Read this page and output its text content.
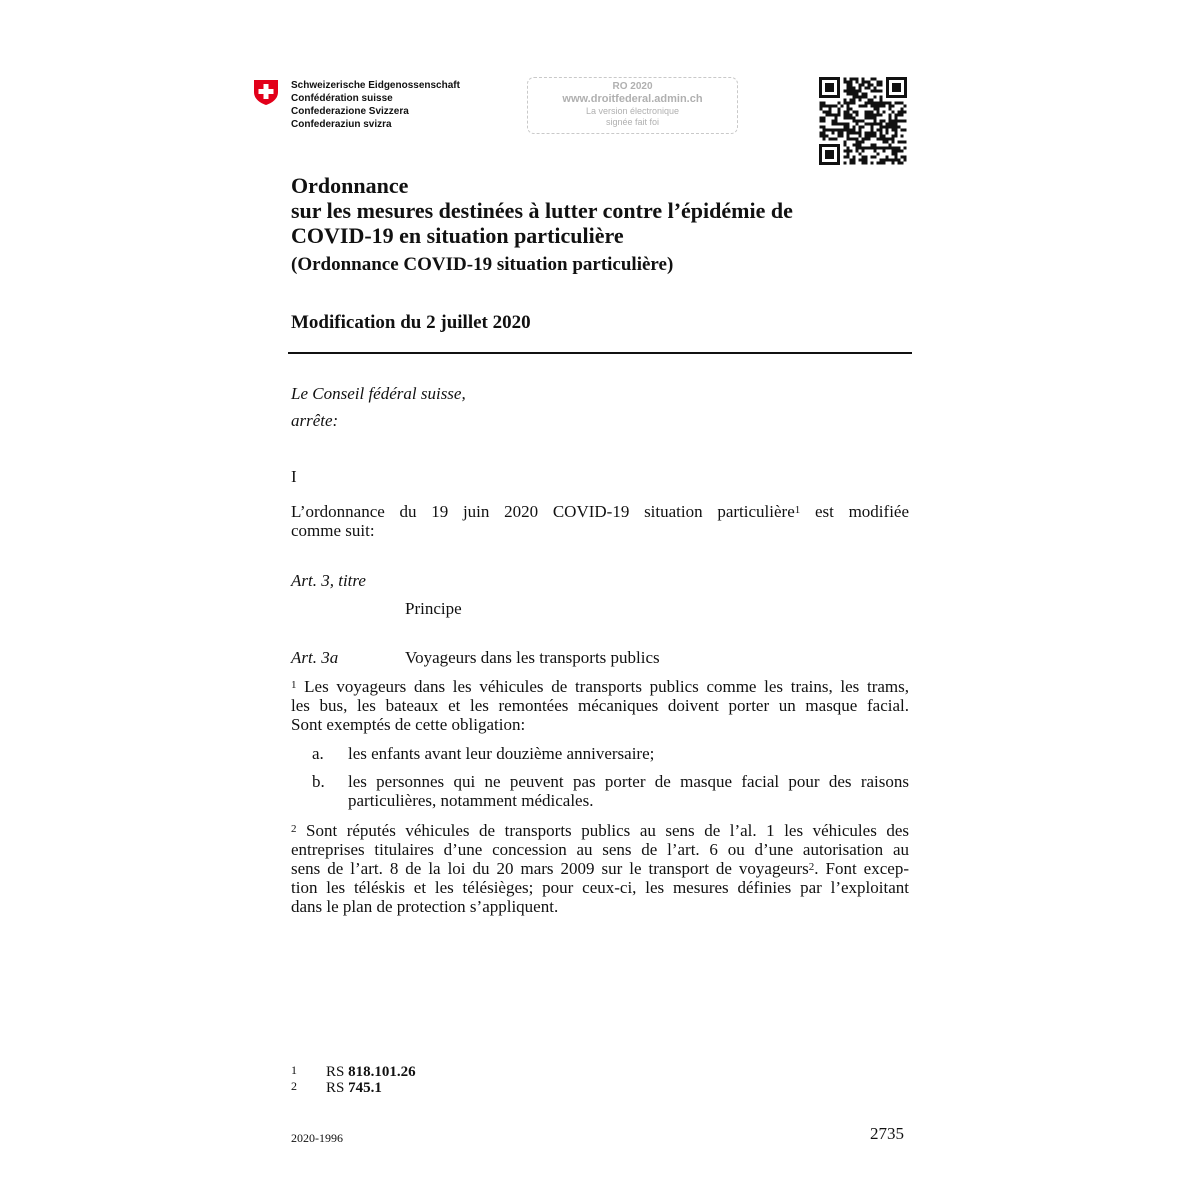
Schweizerische Eidgenossenschaft
Confédération suisse
Confederazione Svizzera
Confederaziun svizra
RO 2020
www.droitfederal.admin.ch
La version électronique
signée fait foi
Ordonnance
sur les mesures destinées à lutter contre l’épidémie de
COVID-19 en situation particulière
(Ordonnance COVID-19 situation particulière)
Modification du 2 juillet 2020
Le Conseil fédéral suisse,
arrête:
I
L’ordonnance du 19 juin 2020 COVID-19 situation particulière$^1$ est modifiée
comme suit:
Art. 3, titre
Principe
Art. 3a	Voyageurs dans les transports publics
$^1$ Les voyageurs dans les véhicules de transports publics comme les trains, les trams,
les bus, les bateaux et les remontées mécaniques doivent porter un masque facial.
Sont exemptés de cette obligation:
a. les enfants avant leur douzième anniversaire;
b. les personnes qui ne peuvent pas porter de masque facial pour des raisons
particulières, notamment médicales.
$^2$ Sont réputés véhicules de transports publics au sens de l’al. 1 les véhicules des
entreprises titulaires d’une concession au sens de l’art. 6 ou d’une autorisation au
sens de l’art. 8 de la loi du 20 mars 2009 sur le transport de voyageurs$^2$. Font excep-
tion les téléskis et les télésièges; pour ceux-ci, les mesures définies par l’exploitant
dans le plan de protection s’appliquent.
1 RS 818.101.26
2 RS 745.1
2020-1996	2735
